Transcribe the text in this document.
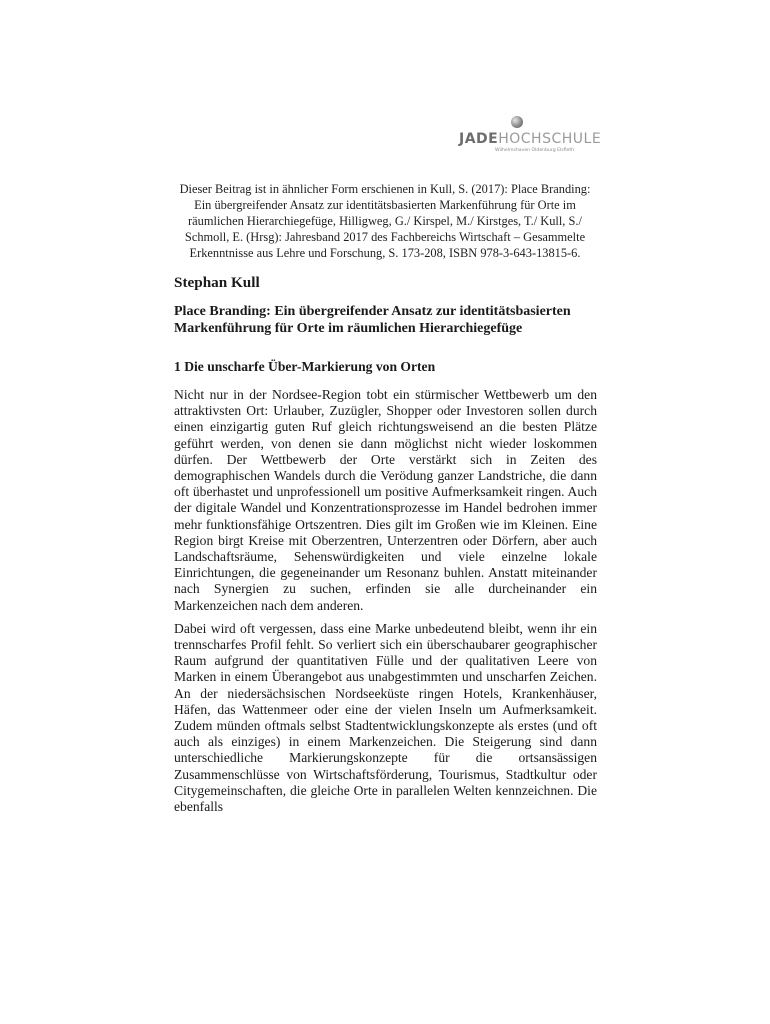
JADEHOCHSCHULE
Wilhelmshaven Oldenburg Elsfleth
Dieser Beitrag ist in ähnlicher Form erschienen in Kull, S. (2017): Place Branding: Ein übergreifender Ansatz zur identitätsbasierten Markenführung für Orte im räumlichen Hierarchiegefüge, Hilligweg, G./ Kirspel, M./ Kirstges, T./ Kull, S./ Schmoll, E. (Hrsg): Jahresband 2017 des Fachbereichs Wirtschaft – Gesammelte Erkenntnisse aus Lehre und Forschung, S. 173-208, ISBN 978-3-643-13815-6.
Stephan Kull
Place Branding: Ein übergreifender Ansatz zur identitätsbasierten Markenführung für Orte im räumlichen Hierarchiegefüge
1 Die unscharfe Über-Markierung von Orten

Nicht nur in der Nordsee-Region tobt ein stürmischer Wettbewerb um den attraktivsten Ort: Urlauber, Zuzügler, Shopper oder Investoren sollen durch einen einzigartig guten Ruf gleich richtungsweisend an die besten Plätze geführt werden, von denen sie dann möglichst nicht wieder loskommen dürfen. Der Wettbewerb der Orte verstärkt sich in Zeiten des demographischen Wandels durch die Verödung ganzer Landstriche, die dann oft überhastet und unprofessionell um positive Aufmerksamkeit ringen. Auch der digitale Wandel und Konzentrationsprozesse im Handel bedrohen immer mehr funktionsfähige Ortszentren. Dies gilt im Großen wie im Kleinen. Eine Region birgt Kreise mit Oberzentren, Unterzentren oder Dörfern, aber auch Landschaftsräume, Sehenswürdigkeiten und viele einzelne lokale Einrichtungen, die gegeneinander um Resonanz buhlen. Anstatt miteinander nach Synergien zu suchen, erfinden sie alle durcheinander ein Markenzeichen nach dem anderen.

Dabei wird oft vergessen, dass eine Marke unbedeutend bleibt, wenn ihr ein trennscharfes Profil fehlt. So verliert sich ein überschaubarer geographischer Raum aufgrund der quantitativen Fülle und der qualitativen Leere von Marken in einem Überangebot aus unabgestimmten und unscharfen Zeichen. An der niedersächsischen Nordseeküste ringen Hotels, Krankenhäuser, Häfen, das Wattenmeer oder eine der vielen Inseln um Aufmerksamkeit. Zudem münden oftmals selbst Stadtentwicklungskonzepte als erstes (und oft auch als einziges) in einem Markenzeichen. Die Steigerung sind dann unterschiedliche Markierungskonzepte für die ortsansässigen Zusammenschlüsse von Wirtschaftsförderung, Tourismus, Stadtkultur oder Citygemeinschaften, die gleiche Orte in parallelen Welten kennzeichnen. Die ebenfalls
